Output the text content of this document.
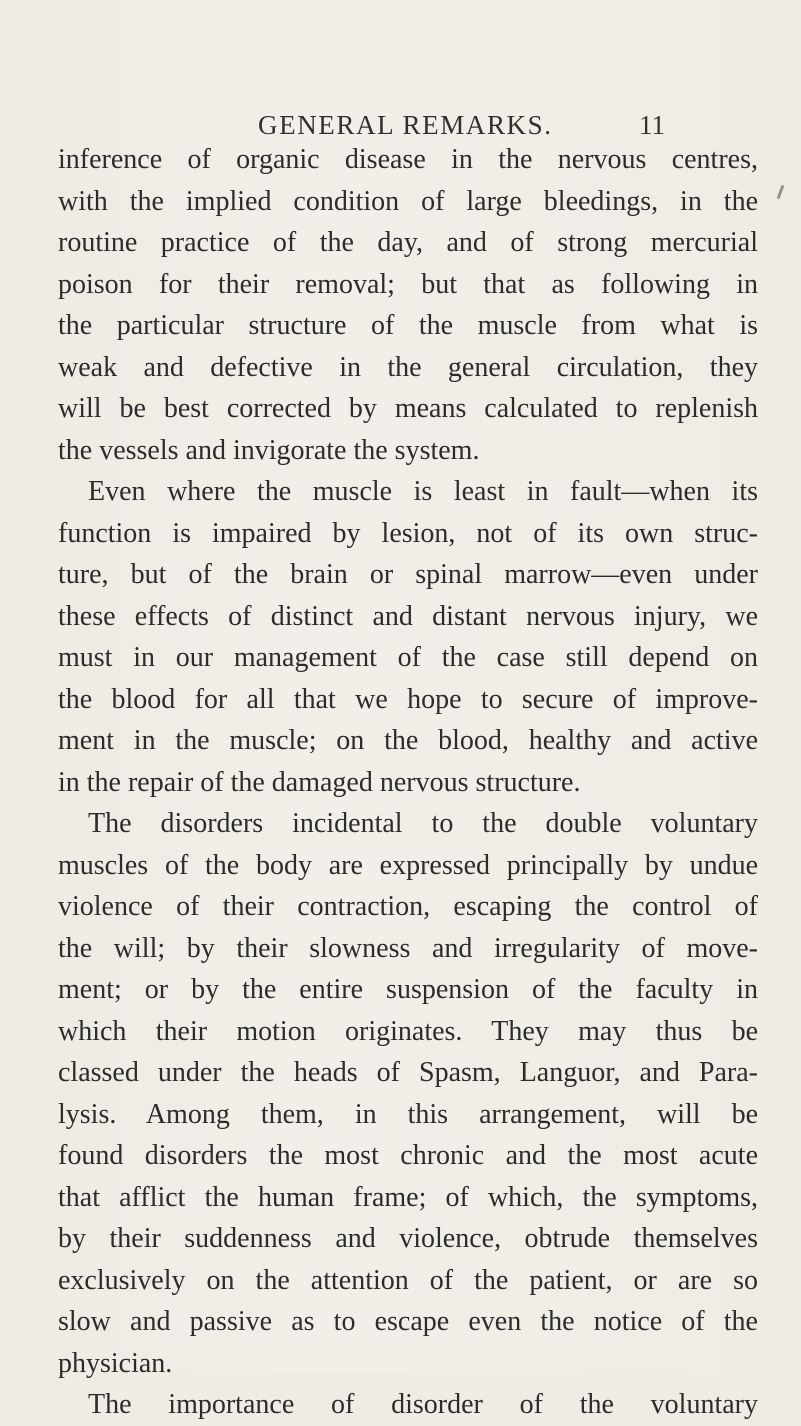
GENERAL REMARKS.	11
inference of organic disease in the nervous centres,
with the implied condition of large bleedings, in the
routine practice of the day, and of strong mercurial
poison for their removal; but that as following in
the particular structure of the muscle from what is
weak and defective in the general circulation, they
will be best corrected by means calculated to replenish
the vessels and invigorate the system.
Even where the muscle is least in fault—when its
function is impaired by lesion, not of its own struc-
ture, but of the brain or spinal marrow—even under
these effects of distinct and distant nervous injury, we
must in our management of the case still depend on
the blood for all that we hope to secure of improve-
ment in the muscle; on the blood, healthy and active
in the repair of the damaged nervous structure.
The disorders incidental to the double voluntary
muscles of the body are expressed principally by undue
violence of their contraction, escaping the control of
the will; by their slowness and irregularity of move-
ment; or by the entire suspension of the faculty in
which their motion originates. They may thus be
classed under the heads of Spasm, Languor, and Para-
lysis. Among them, in this arrangement, will be
found disorders the most chronic and the most acute
that afflict the human frame; of which, the symptoms,
by their suddenness and violence, obtrude themselves
exclusively on the attention of the patient, or are so
slow and passive as to escape even the notice of the
physician.
The importance of disorder of the voluntary
